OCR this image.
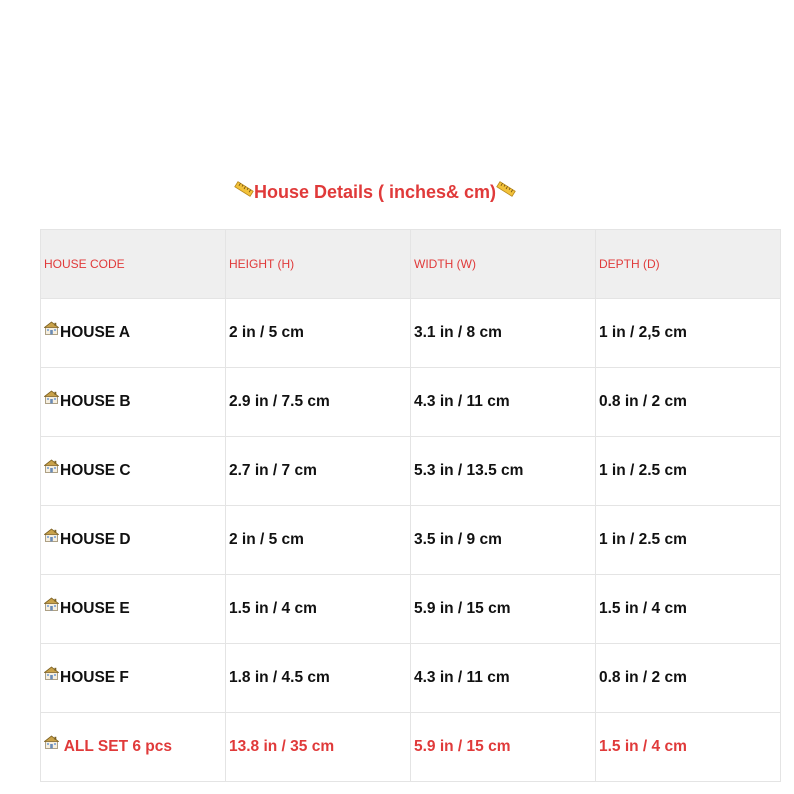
House Details ( inches& cm)
HOUSE CODE	HEIGHT (H)	WIDTH (W)	DEPTH (D)
HOUSE A	2 in / 5 cm	3.1 in / 8 cm	1 in / 2,5 cm
HOUSE B	2.9 in / 7.5 cm	4.3 in / 11 cm	0.8 in / 2 cm
HOUSE C	2.7 in / 7 cm	5.3 in / 13.5 cm	1 in / 2.5 cm
HOUSE D	2 in / 5 cm	3.5 in / 9 cm	1 in / 2.5 cm
HOUSE E	1.5 in / 4 cm	5.9 in / 15 cm	1.5 in / 4 cm
HOUSE F	1.8 in / 4.5 cm	4.3 in / 11 cm	0.8 in / 2 cm
ALL SET 6 pcs	13.8 in / 35 cm	5.9 in / 15 cm	1.5 in / 4 cm
